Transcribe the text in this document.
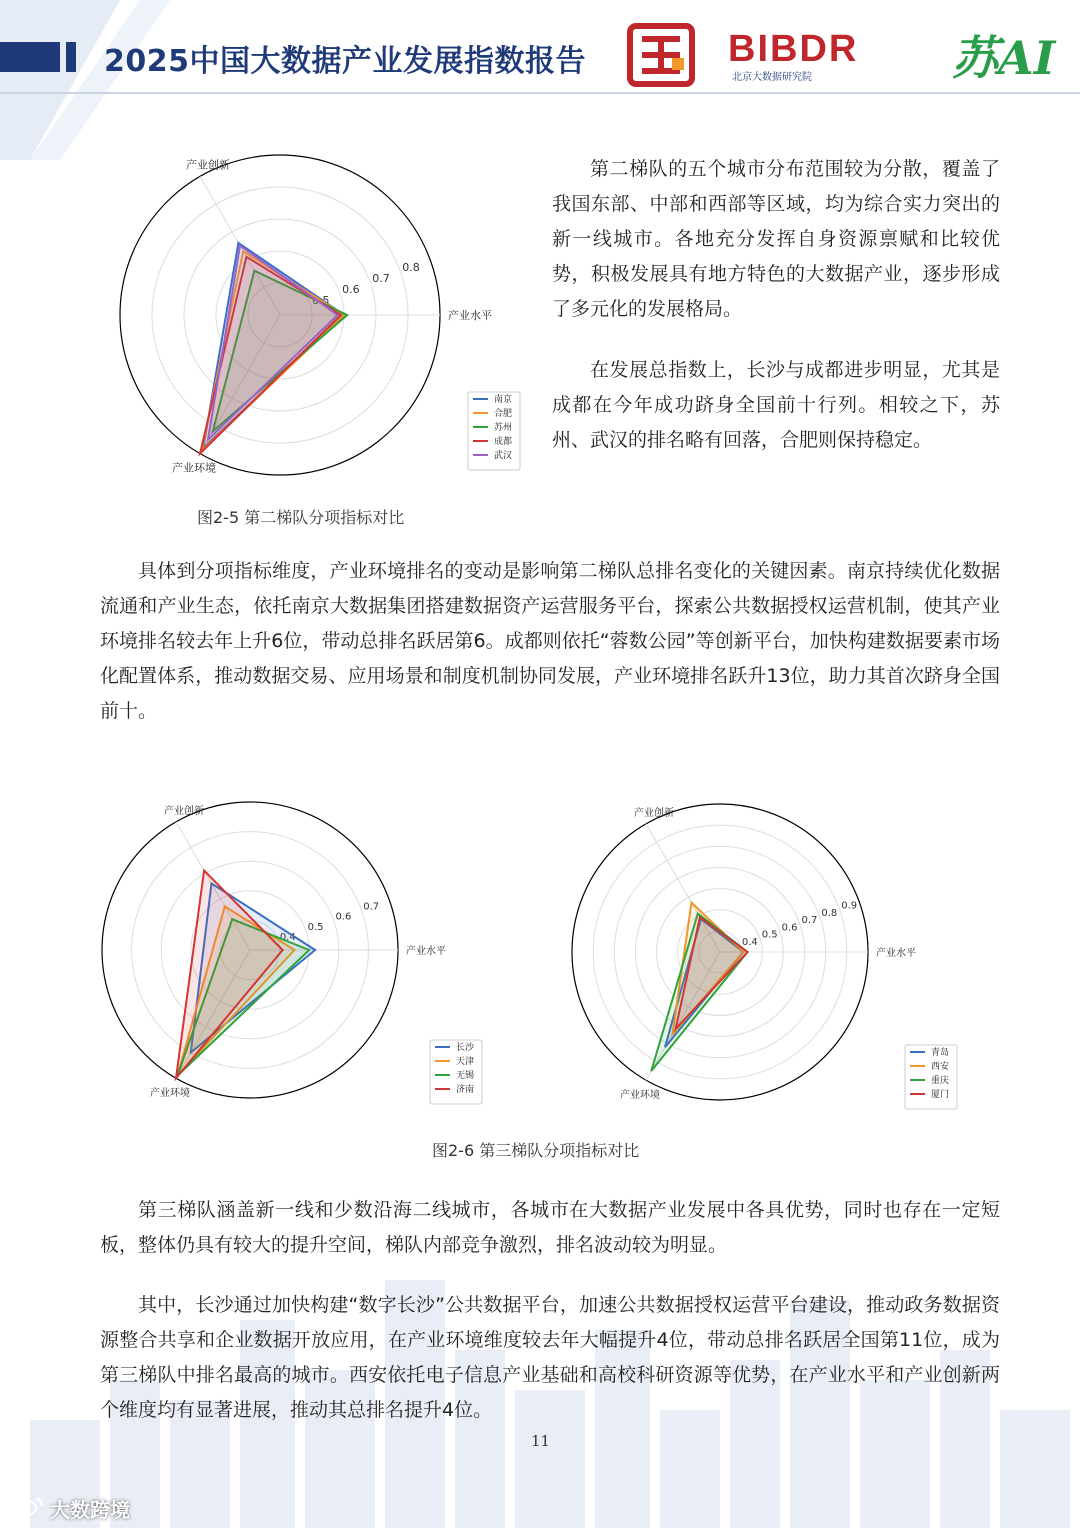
2025中国大数据产业发展指数报告	BIBDR
北京大数据研究院	苏AI
0.5
0.6
0.7
0.8
产业水平
产业创新
产业环境
南京
合肥
苏州
成都
武汉
第二梯队的五个城市分布范围较为分散，覆盖了我国东部、中部和西部等区域，均为综合实力突出的新一线城市。各地充分发挥自身资源禀赋和比较优势，积极发展具有地方特色的大数据产业，逐步形成了多元化的发展格局。
在发展总指数上，长沙与成都进步明显，尤其是成都在今年成功跻身全国前十行列。相较之下，苏州、武汉的排名略有回落，合肥则保持稳定。
图2-5 第二梯队分项指标对比
具体到分项指标维度，产业环境排名的变动是影响第二梯队总排名变化的关键因素。南京持续优化数据流通和产业生态，依托南京大数据集团搭建数据资产运营服务平台，探索公共数据授权运营机制，使其产业环境排名较去年上升6位，带动总排名跃居第6。成都则依托“蓉数公园”等创新平台，加快构建数据要素市场化配置体系，推动数据交易、应用场景和制度机制协同发展，产业环境排名跃升13位，助力其首次跻身全国前十。
0.4
0.5
0.6
0.7
产业水平
产业创新
产业环境
长沙
天津
无锡
济南
0.4
0.5
0.6
0.7
0.8
0.9
产业水平
产业创新
产业环境
青岛
西安
重庆
厦门
图2-6 第三梯队分项指标对比
第三梯队涵盖新一线和少数沿海二线城市，各城市在大数据产业发展中各具优势，同时也存在一定短板，整体仍具有较大的提升空间，梯队内部竞争激烈，排名波动较为明显。
其中，长沙通过加快构建“数字长沙”公共数据平台，加速公共数据授权运营平台建设，推动政务数据资源整合共享和企业数据开放应用，在产业环境维度较去年大幅提升4位，带动总排名跃居全国第11位，成为第三梯队中排名最高的城市。西安依托电子信息产业基础和高校科研资源等优势，在产业水平和产业创新两个维度均有显著进展，推动其总排名提升4位。
11
大数跨境
